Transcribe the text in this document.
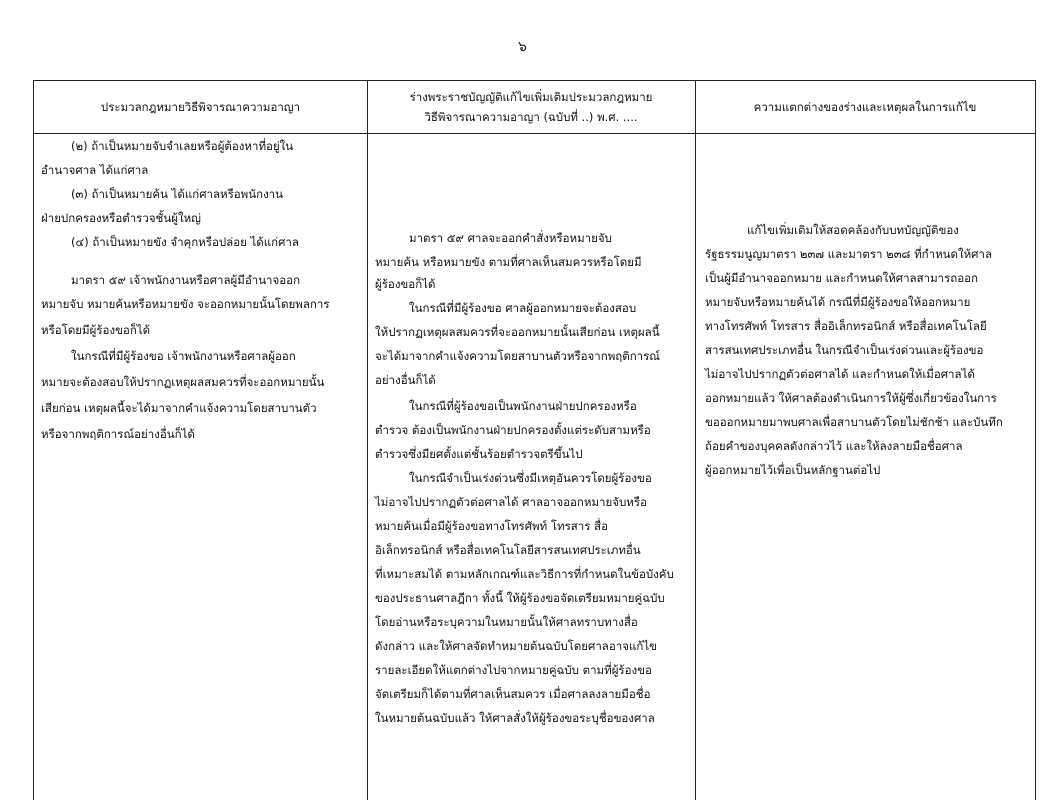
๖
ประมวลกฎหมายวิธีพิจารณาความอาญา
ร่างพระราชบัญญัติแก้ไขเพิ่มเติมประมวลกฎหมาย
วิธีพิจารณาความอาญา (ฉบับที่ ..) พ.ศ. ....
ความแตกต่างของร่างและเหตุผลในการแก้ไข
(๒) ถ้าเป็นหมายจับจำเลยหรือผู้ต้องหาที่อยู่ใน
อำนาจศาล ได้แก่ศาล
(๓) ถ้าเป็นหมายค้น ได้แก่ศาลหรือพนักงาน
ฝ่ายปกครองหรือตำรวจชั้นผู้ใหญ่
(๔) ถ้าเป็นหมายขัง จำคุกหรือปล่อย ได้แก่ศาล
มาตรา ๕๙ เจ้าพนักงานหรือศาลผู้มีอำนาจออก
หมายจับ หมายค้นหรือหมายขัง จะออกหมายนั้นโดยพลการ
หรือโดยมีผู้ร้องขอก็ได้
ในกรณีที่มีผู้ร้องขอ เจ้าพนักงานหรือศาลผู้ออก
หมายจะต้องสอบให้ปรากฏเหตุผลสมควรที่จะออกหมายนั้น
เสียก่อน เหตุผลนี้จะได้มาจากคำแจ้งความโดยสาบานตัว
หรือจากพฤติการณ์อย่างอื่นก็ได้
มาตรา ๕๙ ศาลจะออกคำสั่งหรือหมายจับ
หมายค้น หรือหมายขัง ตามที่ศาลเห็นสมควรหรือโดยมี
ผู้ร้องขอก็ได้
ในกรณีที่มีผู้ร้องขอ ศาลผู้ออกหมายจะต้องสอบ
ให้ปรากฏเหตุผลสมควรที่จะออกหมายนั้นเสียก่อน เหตุผลนี้
จะได้มาจากคำแจ้งความโดยสาบานตัวหรือจากพฤติการณ์
อย่างอื่นก็ได้
ในกรณีที่ผู้ร้องขอเป็นพนักงานฝ่ายปกครองหรือ
ตำรวจ ต้องเป็นพนักงานฝ่ายปกครองตั้งแต่ระดับสามหรือ
ตำรวจซึ่งมียศตั้งแต่ชั้นร้อยตำรวจตรีขึ้นไป
ในกรณีจำเป็นเร่งด่วนซึ่งมีเหตุอันควรโดยผู้ร้องขอ
ไม่อาจไปปรากฏตัวต่อศาลได้ ศาลอาจออกหมายจับหรือ
หมายค้นเมื่อมีผู้ร้องขอทางโทรศัพท์ โทรสาร สื่อ
อิเล็กทรอนิกส์ หรือสื่อเทคโนโลยีสารสนเทศประเภทอื่น
ที่เหมาะสมได้ ตามหลักเกณฑ์และวิธีการที่กำหนดในข้อบังคับ
ของประธานศาลฎีกา ทั้งนี้ ให้ผู้ร้องขอจัดเตรียมหมายคู่ฉบับ
โดยอ่านหรือระบุความในหมายนั้นให้ศาลทราบทางสื่อ
ดังกล่าว และให้ศาลจัดทำหมายต้นฉบับโดยศาลอาจแก้ไข
รายละเอียดให้แตกต่างไปจากหมายคู่ฉบับ ตามที่ผู้ร้องขอ
จัดเตรียมก็ได้ตามที่ศาลเห็นสมควร เมื่อศาลลงลายมือชื่อ
ในหมายต้นฉบับแล้ว ให้ศาลสั่งให้ผู้ร้องขอระบุชื่อของศาล
แก้ไขเพิ่มเติมให้สอดคล้องกับบทบัญญัติของ
รัฐธรรมนูญมาตรา ๒๓๗ และมาตรา ๒๓๘ ที่กำหนดให้ศาล
เป็นผู้มีอำนาจออกหมาย และกำหนดให้ศาลสามารถออก
หมายจับหรือหมายค้นได้ กรณีที่มีผู้ร้องขอให้ออกหมาย
ทางโทรศัพท์ โทรสาร สื่ออิเล็กทรอนิกส์ หรือสื่อเทคโนโลยี
สารสนเทศประเภทอื่น ในกรณีจำเป็นเร่งด่วนและผู้ร้องขอ
ไม่อาจไปปรากฏตัวต่อศาลได้ และกำหนดให้เมื่อศาลได้
ออกหมายแล้ว ให้ศาลต้องดำเนินการให้ผู้ซึ่งเกี่ยวข้องในการ
ขอออกหมายมาพบศาลเพื่อสาบานตัวโดยไม่ชักช้า และบันทึก
ถ้อยคำของบุคคลดังกล่าวไว้ และให้ลงลายมือชื่อศาล
ผู้ออกหมายไว้เพื่อเป็นหลักฐานต่อไป
